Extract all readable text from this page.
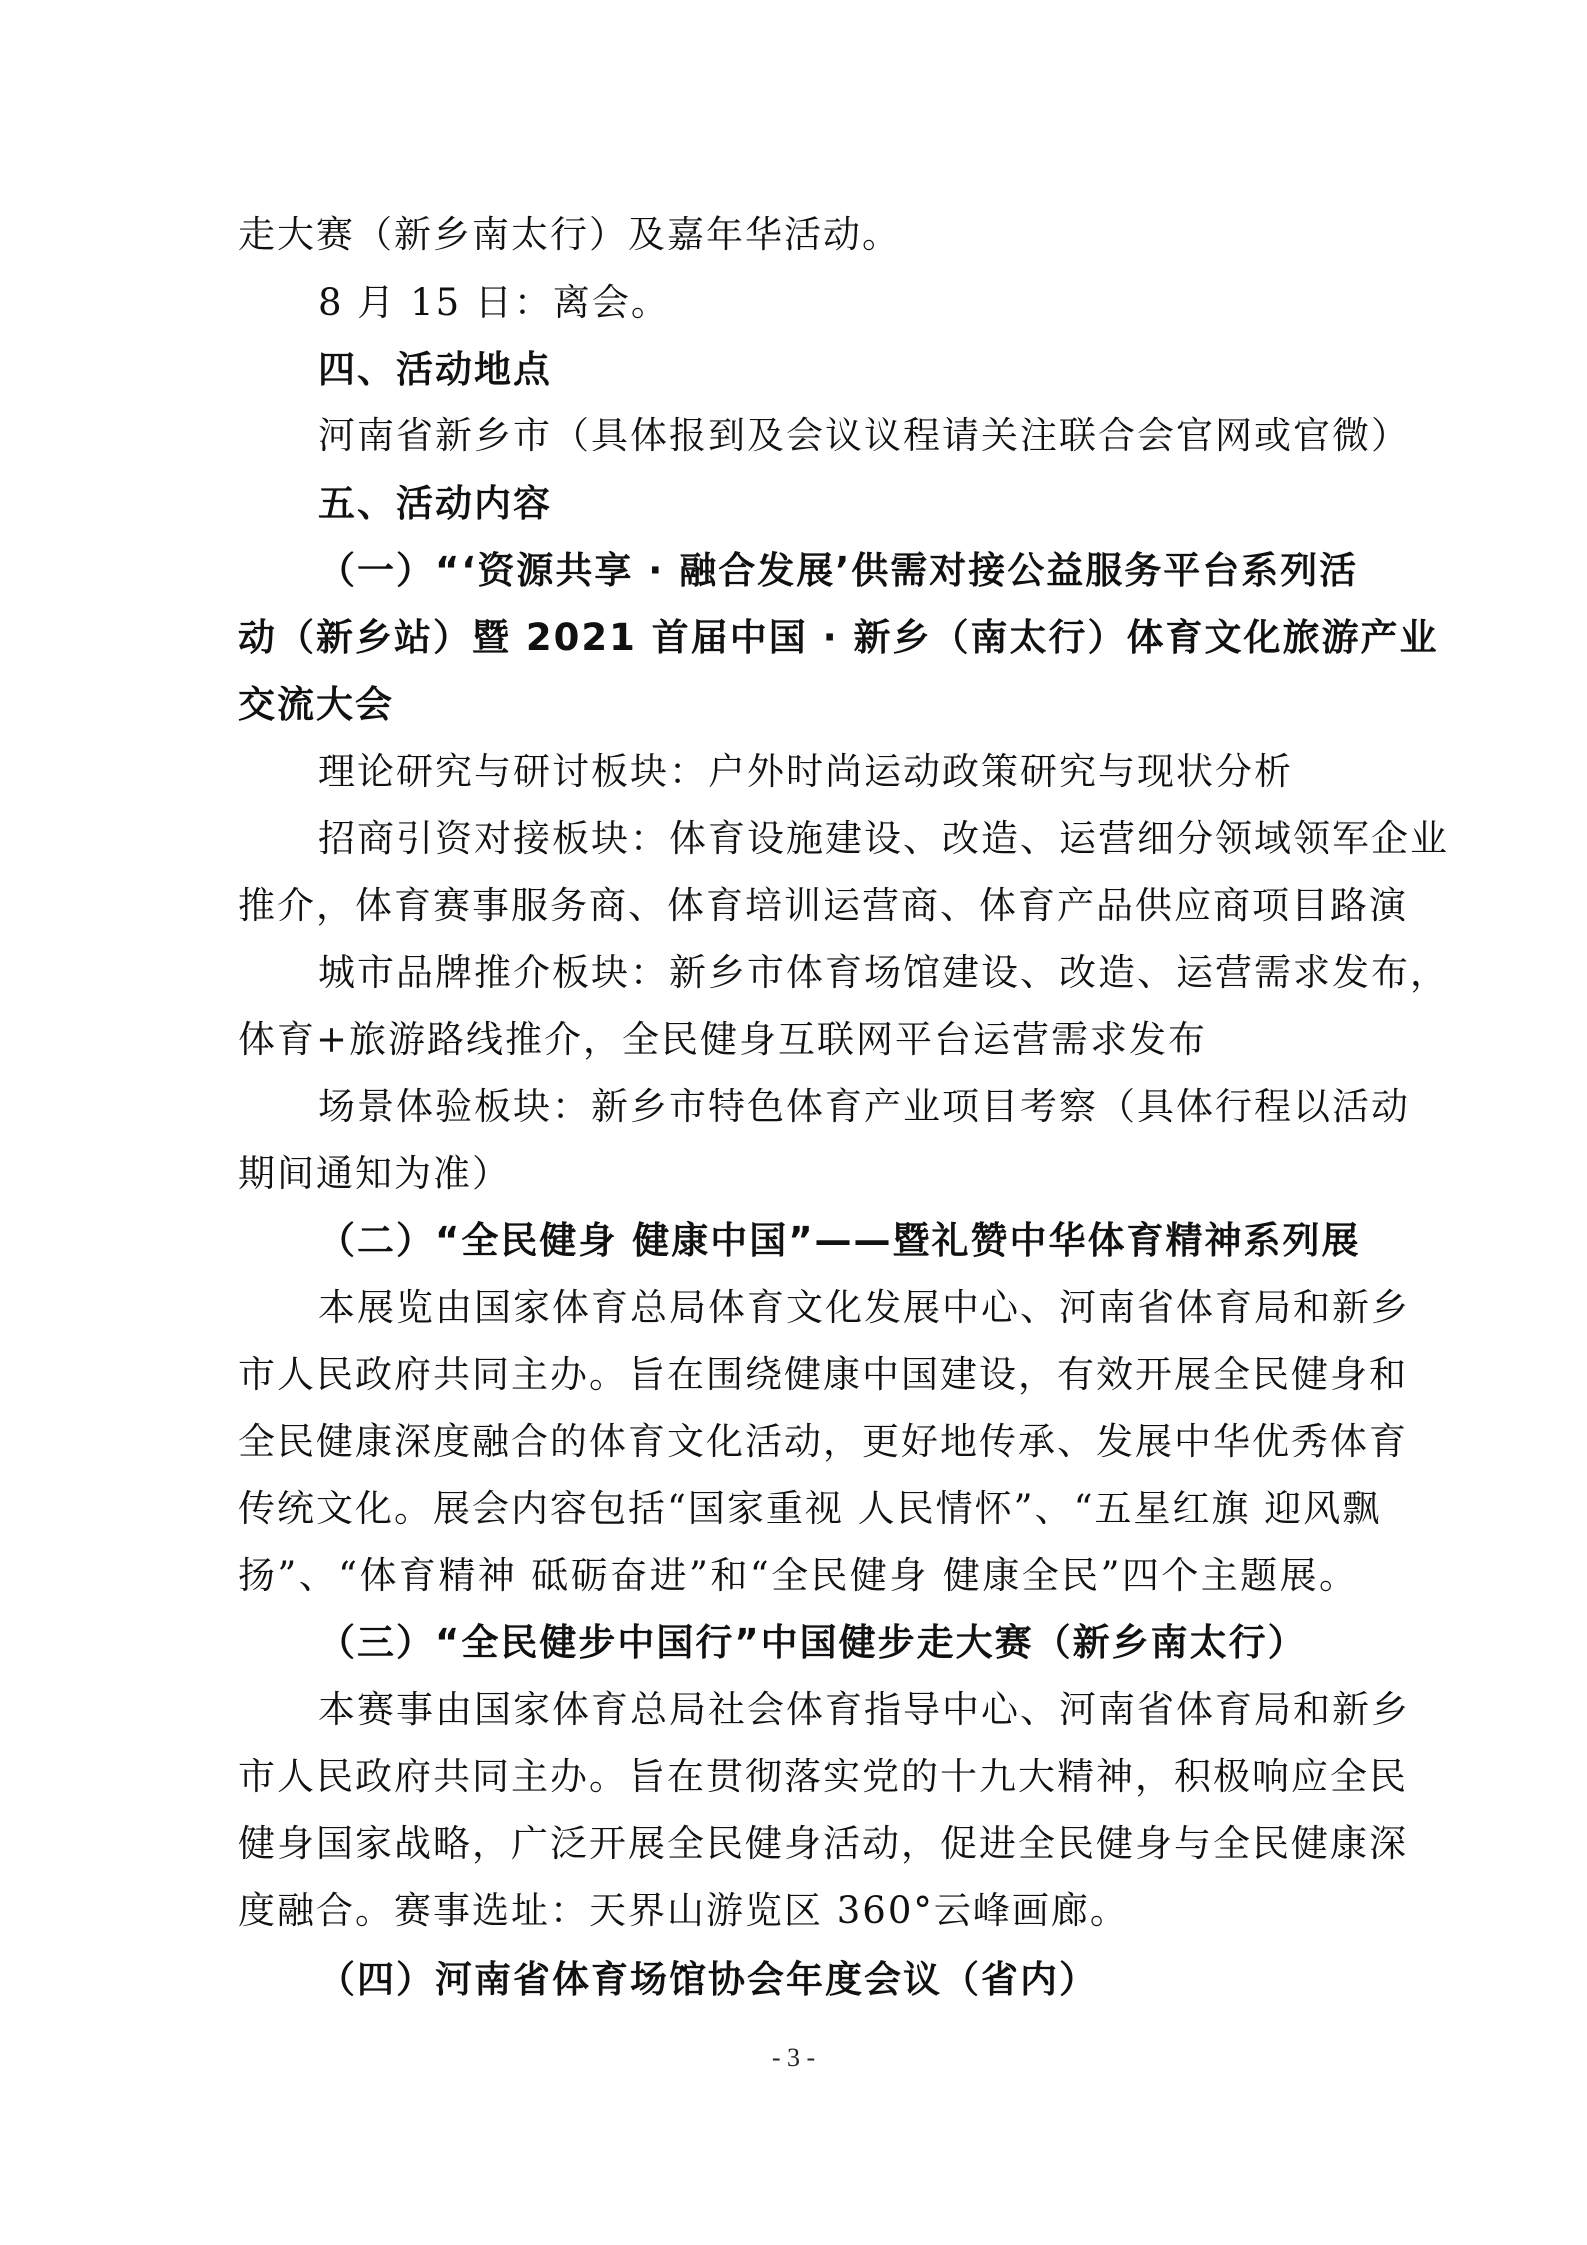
走大赛（新乡南太行）及嘉年华活动。
8 月 15 日：离会。
四、活动地点
河南省新乡市（具体报到及会议议程请关注联合会官网或官微）
五、活动内容
（一）“‘资源共享 · 融合发展’供需对接公益服务平台系列活
动（新乡站）暨 2021 首届中国 · 新乡（南太行）体育文化旅游产业
交流大会
理论研究与研讨板块：户外时尚运动政策研究与现状分析
招商引资对接板块：体育设施建设、改造、运营细分领域领军企业
推介，体育赛事服务商、体育培训运营商、体育产品供应商项目路演
城市品牌推介板块：新乡市体育场馆建设、改造、运营需求发布，
体育+旅游路线推介，全民健身互联网平台运营需求发布
场景体验板块：新乡市特色体育产业项目考察（具体行程以活动
期间通知为准）
（二）“全民健身 健康中国”——暨礼赞中华体育精神系列展
本展览由国家体育总局体育文化发展中心、河南省体育局和新乡
市人民政府共同主办。旨在围绕健康中国建设，有效开展全民健身和
全民健康深度融合的体育文化活动，更好地传承、发展中华优秀体育
传统文化。展会内容包括“国家重视 人民情怀”、“五星红旗 迎风飘
扬”、“体育精神 砥砺奋进”和“全民健身 健康全民”四个主题展。
（三）“全民健步中国行”中国健步走大赛（新乡南太行）
本赛事由国家体育总局社会体育指导中心、河南省体育局和新乡
市人民政府共同主办。旨在贯彻落实党的十九大精神，积极响应全民
健身国家战略，广泛开展全民健身活动，促进全民健身与全民健康深
度融合。赛事选址：天界山游览区 360°云峰画廊。
（四）河南省体育场馆协会年度会议（省内）
- 3 -
